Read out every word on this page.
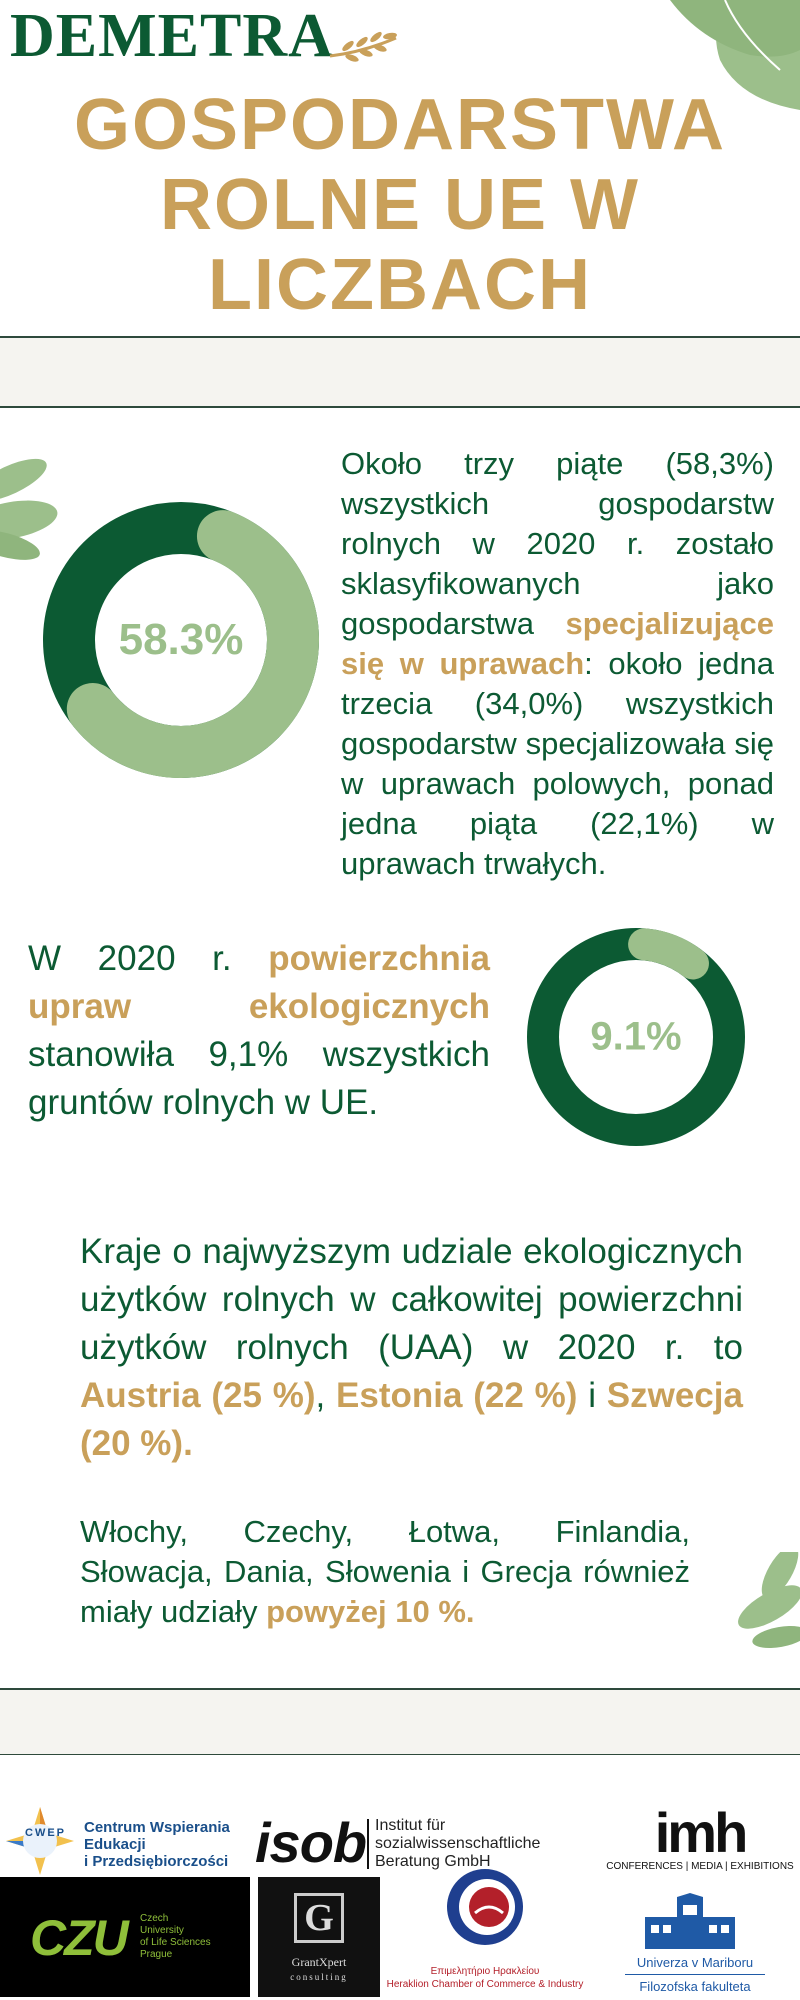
DEMETRA
GOSPODARSTWA
ROLNE UE W
LICZBACH
58.3%
Około trzy piąte (58,3%) wszystkich gospodarstw rolnych w 2020 r. zostało sklasyfikowanych jako gospodarstwa specjalizujące się w uprawach: około jedna trzecia (34,0%) wszystkich gospodarstw specjalizowała się w uprawach polowych, ponad jedna piąta (22,1%) w uprawach trwałych.
W 2020 r. powierzchnia upraw ekologicznych stanowiła 9,1% wszystkich gruntów rolnych w UE.
9.1%
Kraje o najwyższym udziale ekologicznych użytków rolnych w całkowitej powierzchni użytków rolnych (UAA) w 2020 r. to Austria (25 %), Estonia (22 %) i Szwecja (20 %).
Włochy, Czechy, Łotwa, Finlandia, Słowacja, Dania, Słowenia i Grecja również miały udziały powyżej 10 %.
CWEP Centrum Wspierania
Edukacji
i Przedsiębiorczości isob Institut für
sozialwissenschaftliche
Beratung GmbH	imh
CONFERENCES | MEDIA | EXHIBITIONS
CZU Czech
University
of Life Sciences
Prague
G
GrantXpert
consulting	Επιμελητήριο Ηρακλείου
Heraklion Chamber of Commerce & Industry
Univerza v Mariboru
Filozofska fakulteta
